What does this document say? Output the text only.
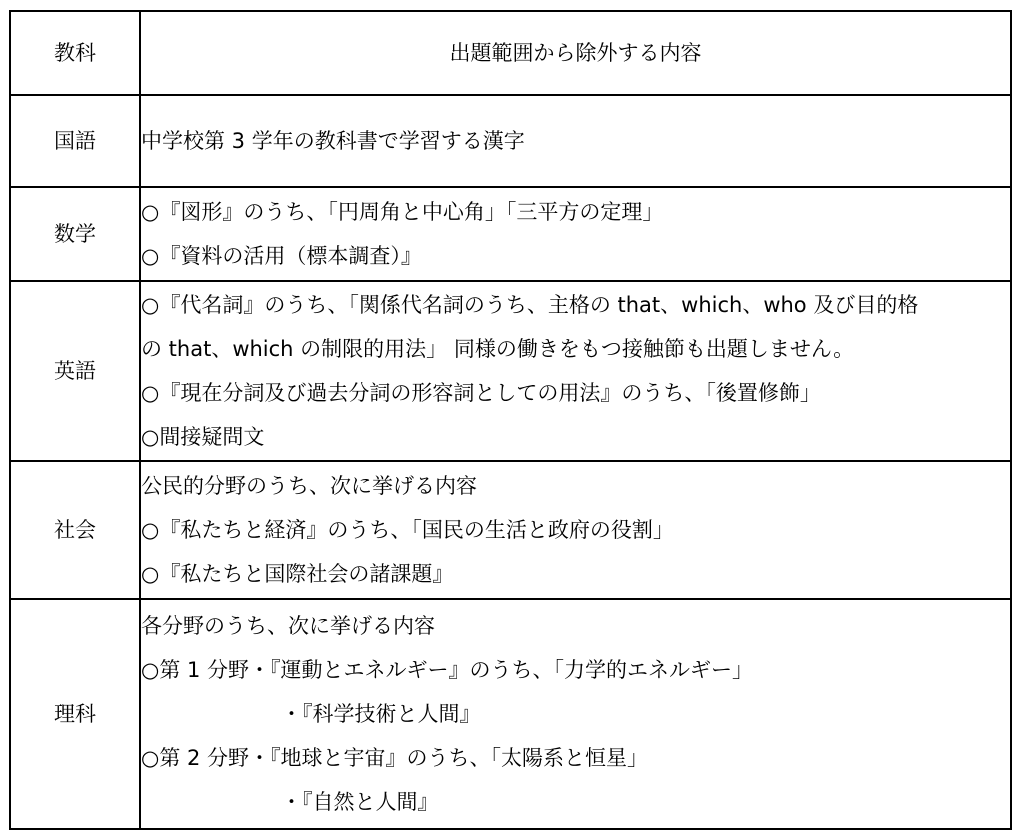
教科	出題範囲から除外する内容
国語	中学校第 3 学年の教科書で学習する漢字

数学	○『図形』のうち、「円周角と中心角」「三平方の定理」
○『資料の活用（標本調査）』

英語	○『代名詞』のうち、「関係代名詞のうち、主格の that、which、who 及び目的格
の that、which の制限的用法」 同様の働きをもつ接触節も出題しません。
○『現在分詞及び過去分詞の形容詞としての用法』のうち、「後置修飾」
○間接疑問文

社会	公民的分野のうち、次に挙げる内容
○『私たちと経済』のうち、「国民の生活と政府の役割」
○『私たちと国際社会の諸課題』

理科	各分野のうち、次に挙げる内容
○第 1 分野・『運動とエネルギー』のうち、「力学的エネルギー」
・『科学技術と人間』
○第 2 分野・『地球と宇宙』のうち、「太陽系と恒星」
・『自然と人間』
